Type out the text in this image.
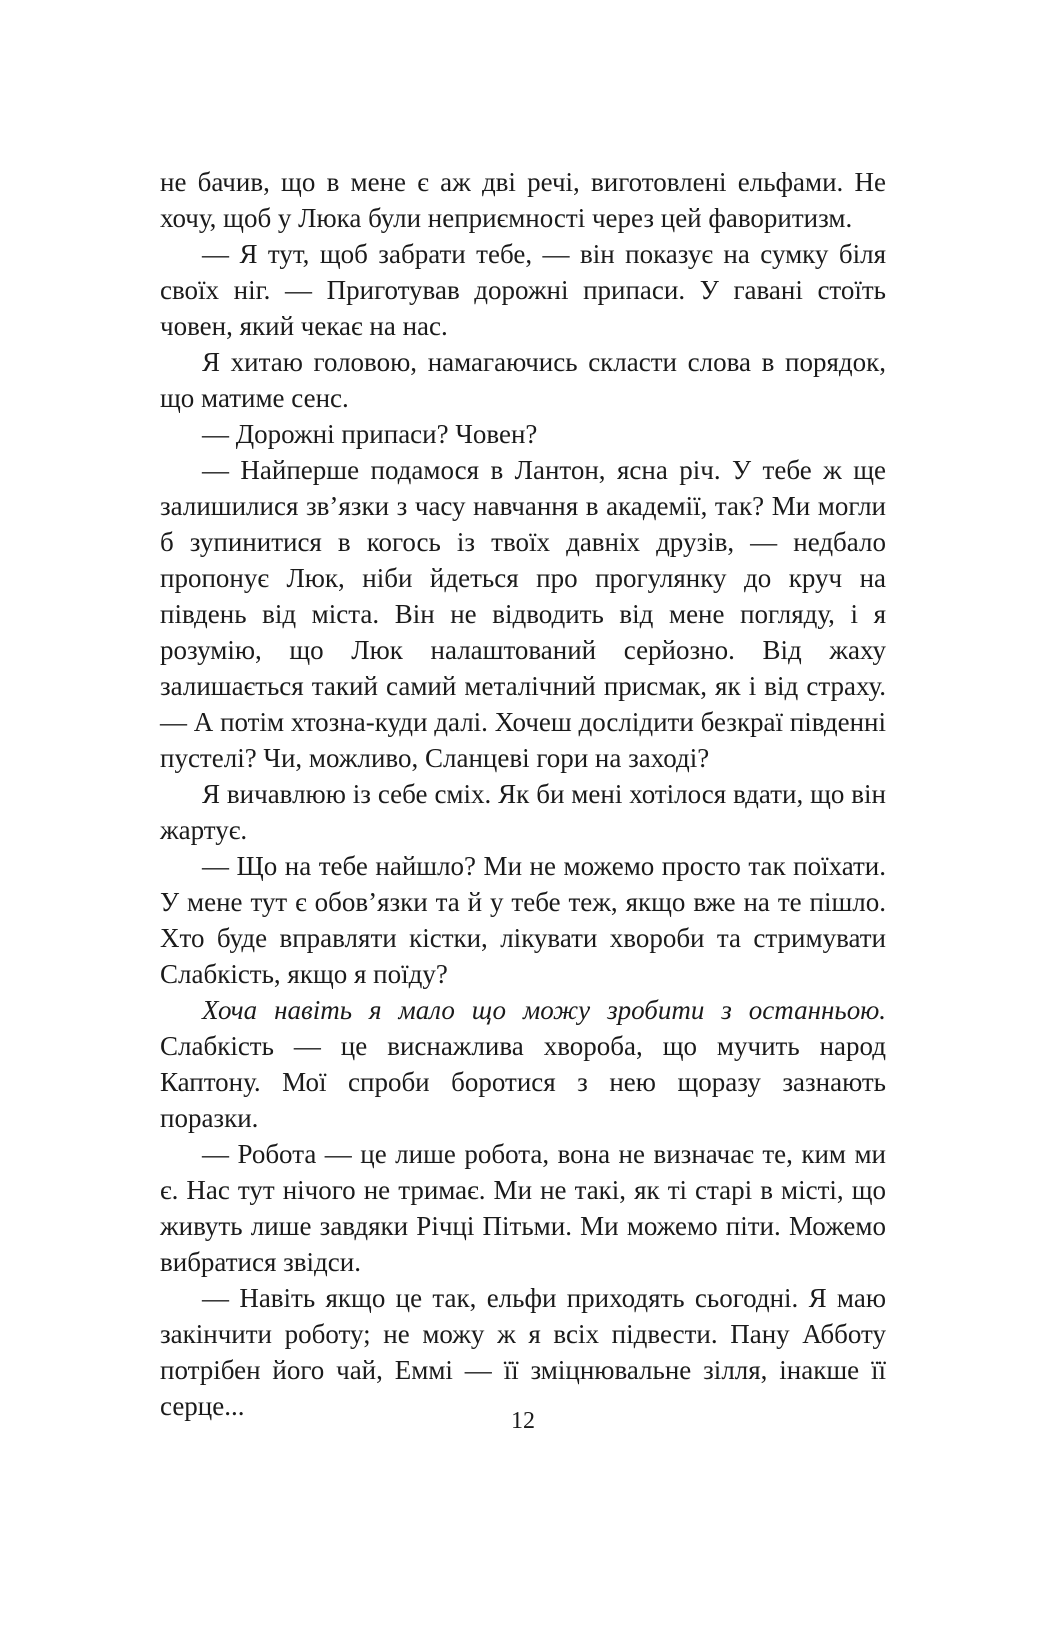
не бачив, що в мене є аж дві речі, виготовлені ельфами. Не хочу, щоб у Люка були неприємності через цей фаворитизм.

— Я тут, щоб забрати тебе, — він показує на сумку біля своїх ніг. — Приготував дорожні припаси. У гавані стоїть човен, який чекає на нас.

Я хитаю головою, намагаючись скласти слова в порядок, що матиме сенс.

— Дорожні припаси? Човен?

— Найперше подамося в Лантон, ясна річ. У тебе ж ще залишилися зв’язки з часу навчання в академії, так? Ми могли б зупинитися в когось із твоїх давніх друзів, — недбало пропонує Люк, ніби йдеться про прогулянку до круч на південь від міста. Він не відводить від мене погляду, і я розумію, що Люк налаштований серйозно. Від жаху залишається такий самий металічний присмак, як і від страху. — А потім хтозна-куди далі. Хочеш дослідити безкраї південні пустелі? Чи, можливо, Сланцеві гори на заході?

Я вичавлюю із себе сміх. Як би мені хотілося вдати, що він жартує.

— Що на тебе найшло? Ми не можемо просто так поїхати. У мене тут є обов’язки та й у тебе теж, якщо вже на те пішло. Хто буде вправляти кістки, лікувати хвороби та стримувати Слабкість, якщо я поїду?

Хоча навіть я мало що можу зробити з останньою. Слабкість — це виснажлива хвороба, що мучить народ Каптону. Мої спроби боротися з нею щоразу зазнають поразки.

— Робота — це лише робота, вона не визначає те, ким ми є. Нас тут нічого не тримає. Ми не такі, як ті старі в місті, що живуть лише завдяки Річці Пітьми. Ми можемо піти. Можемо вибратися звідси.

— Навіть якщо це так, ельфи приходять сьогодні. Я маю закінчити роботу; не можу ж я всіх підвести. Пану Абботу потрібен його чай, Еммі — її зміцнювальне зілля, інакше її серце...	12
